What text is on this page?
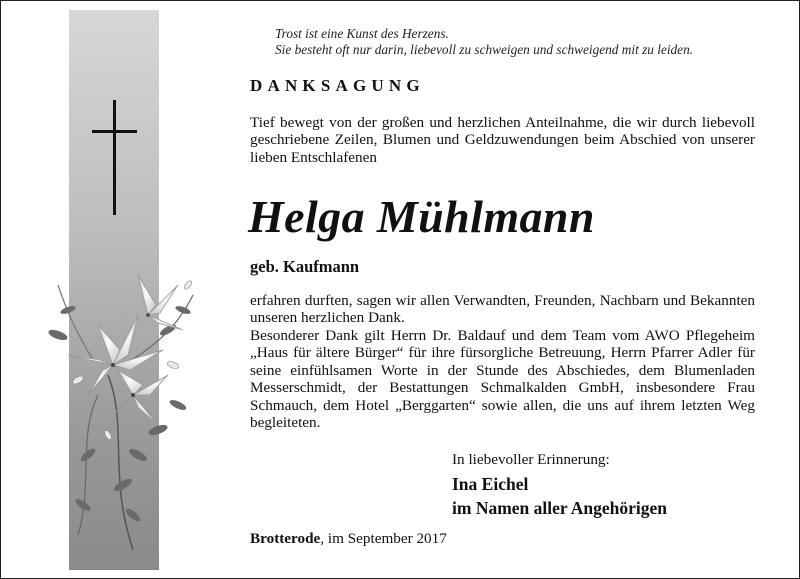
Trost ist eine Kunst des Herzens.
Sie besteht oft nur darin, liebevoll zu schweigen und schweigend mit zu leiden.
DANKSAGUNG
Tief bewegt von der großen und herzlichen Anteilnahme, die wir durch liebevoll geschriebene Zeilen, Blumen und Geldzuwendungen beim Abschied von unserer lieben Entschlafenen
Helga Mühlmann
geb. Kaufmann
erfahren durften, sagen wir allen Verwandten, Freunden, Nachbarn und Bekannten unseren herzlichen Dank.
Besonderer Dank gilt Herrn Dr. Baldauf und dem Team vom AWO Pflegeheim „Haus für ältere Bürger“ für ihre fürsorgliche Betreuung, Herrn Pfarrer Adler für seine einfühlsamen Worte in der Stunde des Abschiedes, dem Blumenladen Messerschmidt, der Bestattungen Schmalkalden GmbH, insbesondere Frau Schmauch, dem Hotel „Berggarten“ sowie allen, die uns auf ihrem letzten Weg begleiteten.
In liebevoller Erinnerung:
Ina Eichel
im Namen aller Angehörigen
Brotterode, im September 2017
